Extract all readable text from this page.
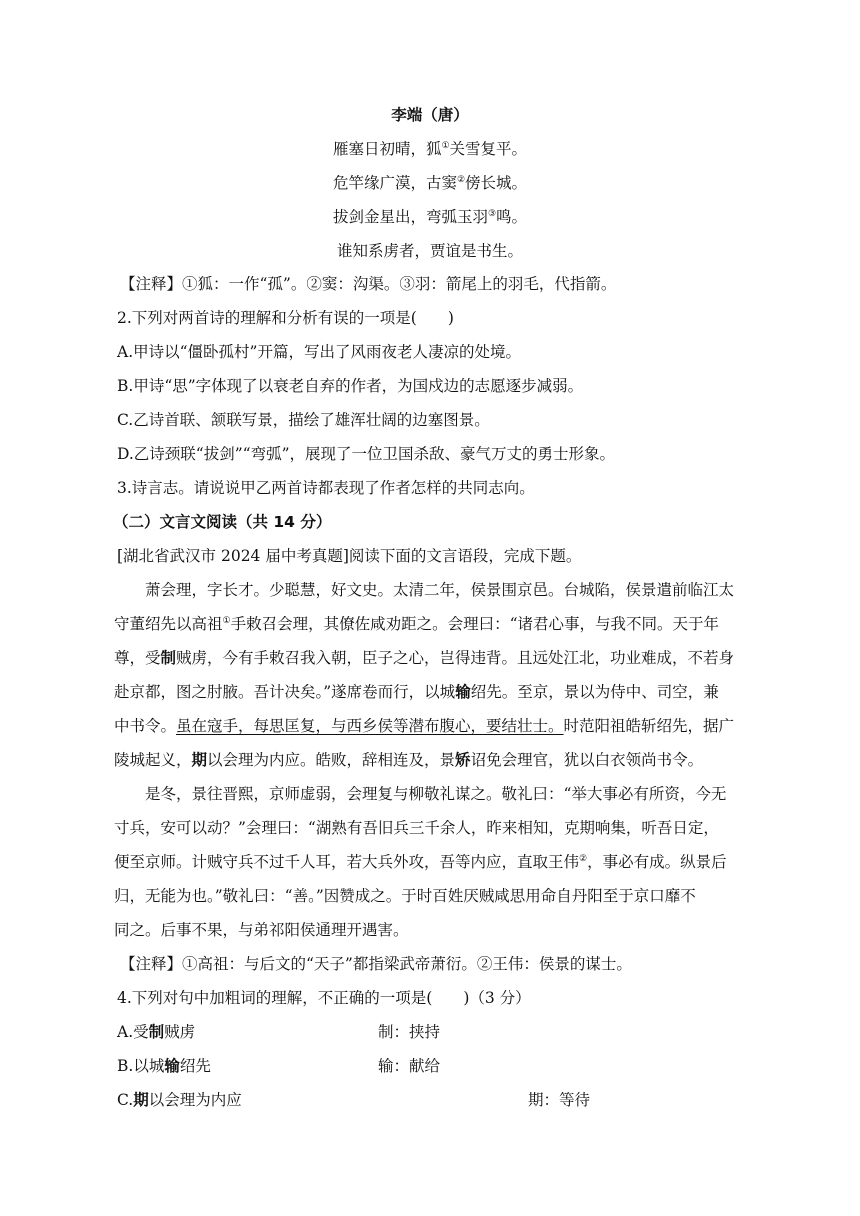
李端（唐）
雁塞日初晴，狐①关雪复平。
危竿缘广漠，古窦②傍长城。
拔剑金星出，弯弧玉羽③鸣。
谁知系虏者，贾谊是书生。
【注释】①狐：一作“孤”。②窦：沟渠。③羽：箭尾上的羽毛，代指箭。
2.下列对两首诗的理解和分析有误的一项是(　　)
A.甲诗以“僵卧孤村”开篇，写出了风雨夜老人凄凉的处境。
B.甲诗“思”字体现了以衰老自弃的作者，为国戍边的志愿逐步减弱。
C.乙诗首联、颔联写景，描绘了雄浑壮阔的边塞图景。
D.乙诗颈联“拔剑”“弯弧”，展现了一位卫国杀敌、豪气万丈的勇士形象。
3.诗言志。请说说甲乙两首诗都表现了作者怎样的共同志向。
（二）文言文阅读（共 14 分）
[湖北省武汉市 2024 届中考真题]阅读下面的文言语段，完成下题。
萧会理，字长才。少聪慧，好文史。太清二年，侯景围京邑。台城陷，侯景遣前临江太
守董绍先以高祖①手敕召会理，其僚佐咸劝距之。会理曰：“诸君心事，与我不同。天于年
尊，受制贼虏，今有手敕召我入朝，臣子之心，岂得违背。且远处江北，功业难成，不若身
赴京都，图之肘腋。吾计决矣。”遂席卷而行，以城输绍先。至京，景以为侍中、司空，兼
中书令。虽在寇手，每思匡复，与西乡侯等潜布腹心，要结壮士。时范阳祖皓斩绍先，据广
陵城起义，期以会理为内应。皓败，辞相连及，景矫诏免会理官，犹以白衣领尚书令。
是冬，景往晋熙，京师虚弱，会理复与柳敬礼谋之。敬礼曰：“举大事必有所资，今无
寸兵，安可以动？”会理曰：“湖熟有吾旧兵三千余人，昨来相知，克期响集，听吾日定，
便至京师。计贼守兵不过千人耳，若大兵外攻，吾等内应，直取王伟②，事必有成。纵景后
归，无能为也。”敬礼曰：“善。”因赞成之。于时百姓厌贼咸思用命自丹阳至于京口靡不
同之。后事不果，与弟祁阳侯通理开遇害。
【注释】①高祖：与后文的“天子”都指梁武帝萧衍。②王伟：侯景的谋士。
4.下列对句中加粗词的理解，不正确的一项是(　　)（3 分）
A.受制贼虏	制：挟持
B.以城输绍先	输：献给
C.期以会理为内应	期：等待
